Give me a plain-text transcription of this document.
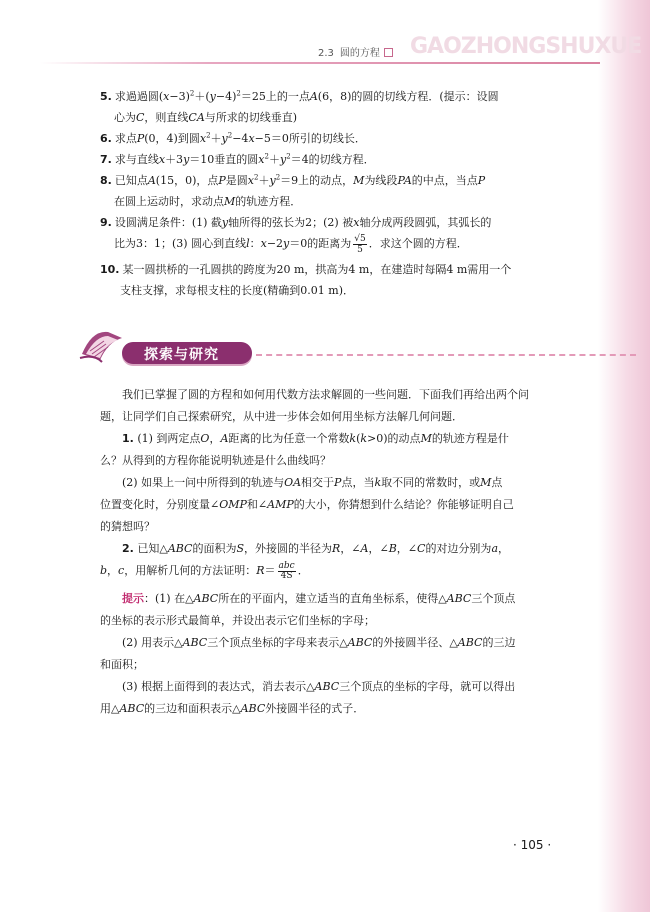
2.3 圆的方程	GAOZHONGSHUXUE

5. 求過過圆$(x-3)^2+(y-4)^2=25$上的一点A(6，8)的圆的切线方程．(提示：设圆
心为C，则直线CA与所求的切线垂直)

6. 求点P(0，4)到圆$x^2+y^2-4x-5=0$所引的切线长．

7. 求与直线x＋3y＝10垂直的圆$x^2+y^2=4$的切线方程．

8. 已知点A(15，0)，点P是圆$x^2+y^2=9$上的动点，M为线段PA的中点，当点P
在圆上运动时，求动点M的轨迹方程．

9. 设圆满足条件：(1) 截y轴所得的弦长为2；(2) 被x轴分成两段圆弧，其弧长的
比为3：1；(3) 圆心到直线l：x−2y＝0的距离为 $\frac{√5}{5}$ ．求这个圆的方程．

10. 某一圆拱桥的一孔圆拱的跨度为20 m，拱高为4 m，在建造时每隔4 m需用一个
支柱支撑，求每根支柱的长度(精确到0.01 m)．

探索与研究

我们已掌握了圆的方程和如何用代数方法求解圆的一些问题．下面我们再给出两个问

题，让同学们自己探索研究，从中进一步体会如何用坐标方法解几何问题．

1. (1) 到两定点O，A距离的比为任意一个常数k(k>0)的动点M的轨迹方程是什

么？从得到的方程你能说明轨迹是什么曲线吗？

(2) 如果上一问中所得到的轨迹与OA相交于P点，当k取不同的常数时，或M点

位置变化时，分别度量∠OMP和∠AMP的大小，你猜想到什么结论？你能够证明自己

的猜想吗？

2. 已知△ABC的面积为S，外接圆的半径为R，∠A，∠B，∠C的对边分别为a，

b，c，用解析几何的方法证明：$R= \frac{\text{abc}}{4S}$ ．

提示：(1) 在△ABC所在的平面内，建立适当的直角坐标系，使得△ABC三个顶点

的坐标的表示形式最简单，并设出表示它们坐标的字母；

(2) 用表示△ABC三个顶点坐标的字母来表示△ABC的外接圆半径、△ABC的三边

和面积；

(3) 根据上面得到的表达式，消去表示△ABC三个顶点的坐标的字母，就可以得出

用△ABC的三边和面积表示△ABC外接圆半径的式子．

· 105 ·
